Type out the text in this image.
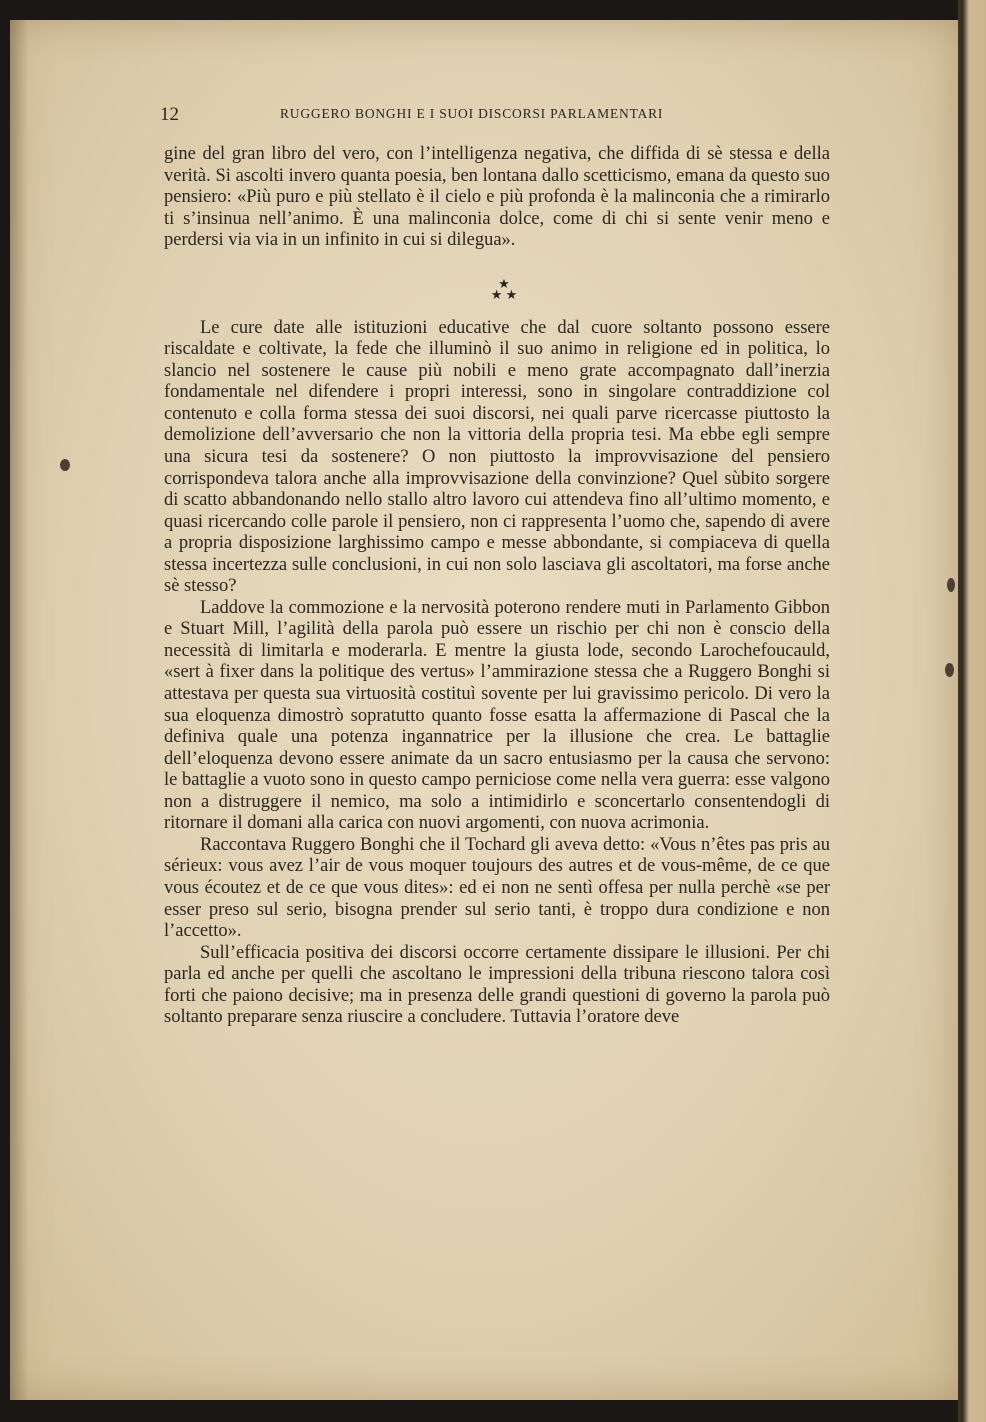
12	RUGGERO BONGHI E I SUOI DISCORSI PARLAMENTARI

gine del gran libro del vero, con l’intelligenza negativa, che diffida di sè stessa e della verità. Si ascolti invero quanta poesia, ben lontana dallo scetticismo, emana da questo suo pensiero: «Più puro e più stellato è il cielo e più profonda è la malinconia che a rimirarlo ti s’insinua nell’animo. È una malinconia dolce, come di chi si sente venir meno e perdersi via via in un infinito in cui si dilegua».

★
★ ★

Le cure date alle istituzioni educative che dal cuore soltanto possono essere riscaldate e coltivate, la fede che illuminò il suo animo in religione ed in politica, lo slancio nel sostenere le cause più nobili e meno grate accompagnato dall’inerzia fondamentale nel difendere i propri interessi, sono in singolare contraddizione col contenuto e colla forma stessa dei suoi discorsi, nei quali parve ricercasse piuttosto la demolizione dell’avversario che non la vittoria della propria tesi. Ma ebbe egli sempre una sicura tesi da sostenere? O non piuttosto la improvvisazione del pensiero corrispondeva talora anche alla improvvisazione della convinzione? Quel sùbito sorgere di scatto abbandonando nello stallo altro lavoro cui attendeva fino all’ultimo momento, e quasi ricercando colle parole il pensiero, non ci rappresenta l’uomo che, sapendo di avere a propria disposizione larghissimo campo e messe abbondante, si compiaceva di quella stessa incertezza sulle conclusioni, in cui non solo lasciava gli ascoltatori, ma forse anche sè stesso?

Laddove la commozione e la nervosità poterono rendere muti in Parlamento Gibbon e Stuart Mill, l’agilità della parola può essere un rischio per chi non è conscio della necessità di limitarla e moderarla. E mentre la giusta lode, secondo Larochefoucauld, «sert à fixer dans la politique des vertus» l’ammirazione stessa che a Ruggero Bonghi si attestava per questa sua virtuosità costituì sovente per lui gravissimo pericolo. Di vero la sua eloquenza dimostrò sopratutto quanto fosse esatta la affermazione di Pascal che la definiva quale una potenza ingannatrice per la illusione che crea. Le battaglie dell’eloquenza devono essere animate da un sacro entusiasmo per la causa che servono: le battaglie a vuoto sono in questo campo perniciose come nella vera guerra: esse valgono non a distruggere il nemico, ma solo a intimidirlo e sconcertarlo consentendogli di ritornare il domani alla carica con nuovi argomenti, con nuova acrimonia.

Raccontava Ruggero Bonghi che il Tochard gli aveva detto: «Vous n’êtes pas pris au sérieux: vous avez l’air de vous moquer toujours des autres et de vous-même, de ce que vous écoutez et de ce que vous dites»: ed ei non ne sentì offesa per nulla perchè «se per esser preso sul serio, bisogna prender sul serio tanti, è troppo dura condizione e non l’accetto».

Sull’efficacia positiva dei discorsi occorre certamente dissipare le illusioni. Per chi parla ed anche per quelli che ascoltano le impressioni della tribuna riescono talora così forti che paiono decisive; ma in presenza delle grandi questioni di governo la parola può soltanto preparare senza riuscire a concludere. Tuttavia l’oratore deve
